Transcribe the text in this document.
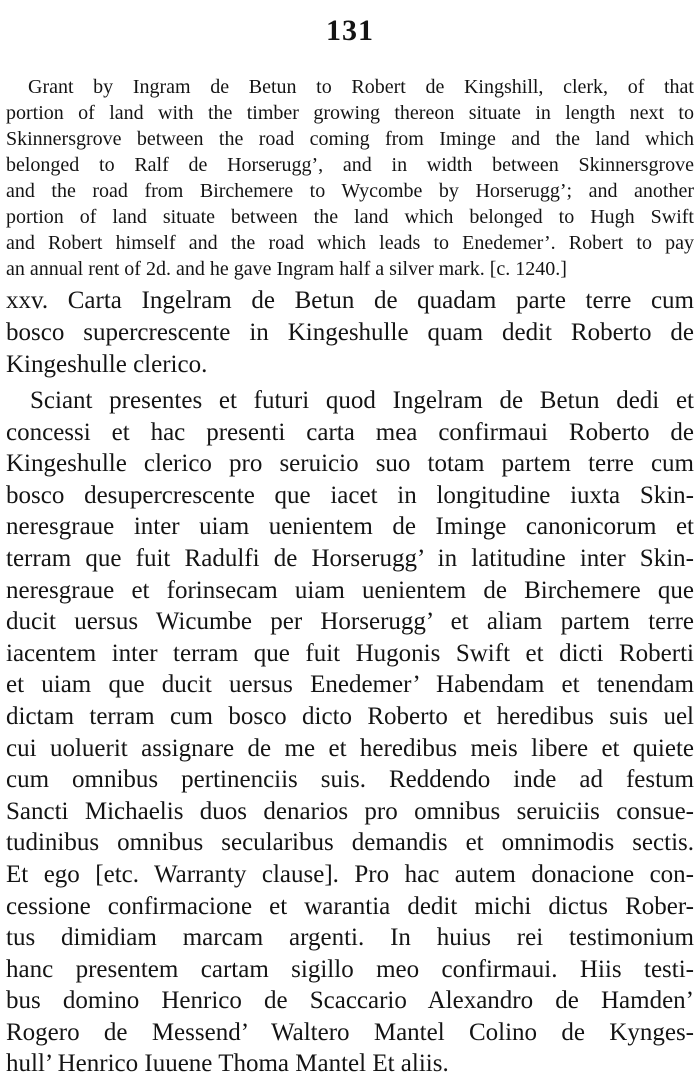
131
Grant by Ingram de Betun to Robert de Kingshill, clerk, of that
portion of land with the timber growing thereon situate in length next to
Skinnersgrove between the road coming from Iminge and the land which
belonged to Ralf de Horserugg’, and in width between Skinnersgrove
and the road from Birchemere to Wycombe by Horserugg’; and another
portion of land situate between the land which belonged to Hugh Swift
and Robert himself and the road which leads to Enedemer’. Robert to pay
an annual rent of 2d. and he gave Ingram half a silver mark. [c. 1240.]
xxv. Carta Ingelram de Betun de quadam parte terre cum
bosco supercrescente in Kingeshulle quam dedit Roberto de
Kingeshulle clerico.
Sciant presentes et futuri quod Ingelram de Betun dedi et
concessi et hac presenti carta mea confirmaui Roberto de
Kingeshulle clerico pro seruicio suo totam partem terre cum
bosco desupercrescente que iacet in longitudine iuxta Skin-
neresgraue inter uiam uenientem de Iminge canonicorum et
terram que fuit Radulfi de Horserugg’ in latitudine inter Skin-
neresgraue et forinsecam uiam uenientem de Birchemere que
ducit uersus Wicumbe per Horserugg’ et aliam partem terre
iacentem inter terram que fuit Hugonis Swift et dicti Roberti
et uiam que ducit uersus Enedemer’ Habendam et tenendam
dictam terram cum bosco dicto Roberto et heredibus suis uel
cui uoluerit assignare de me et heredibus meis libere et quiete
cum omnibus pertinenciis suis. Reddendo inde ad festum
Sancti Michaelis duos denarios pro omnibus seruiciis consue-
tudinibus omnibus secularibus demandis et omnimodis sectis.
Et ego [etc. Warranty clause]. Pro hac autem donacione con-
cessione confirmacione et warantia dedit michi dictus Rober-
tus dimidiam marcam argenti. In huius rei testimonium
hanc presentem cartam sigillo meo confirmaui. Hiis testi-
bus domino Henrico de Scaccario Alexandro de Hamden’
Rogero de Messend’ Waltero Mantel Colino de Kynges-
hull’ Henrico Iuuene Thoma Mantel Et aliis.
